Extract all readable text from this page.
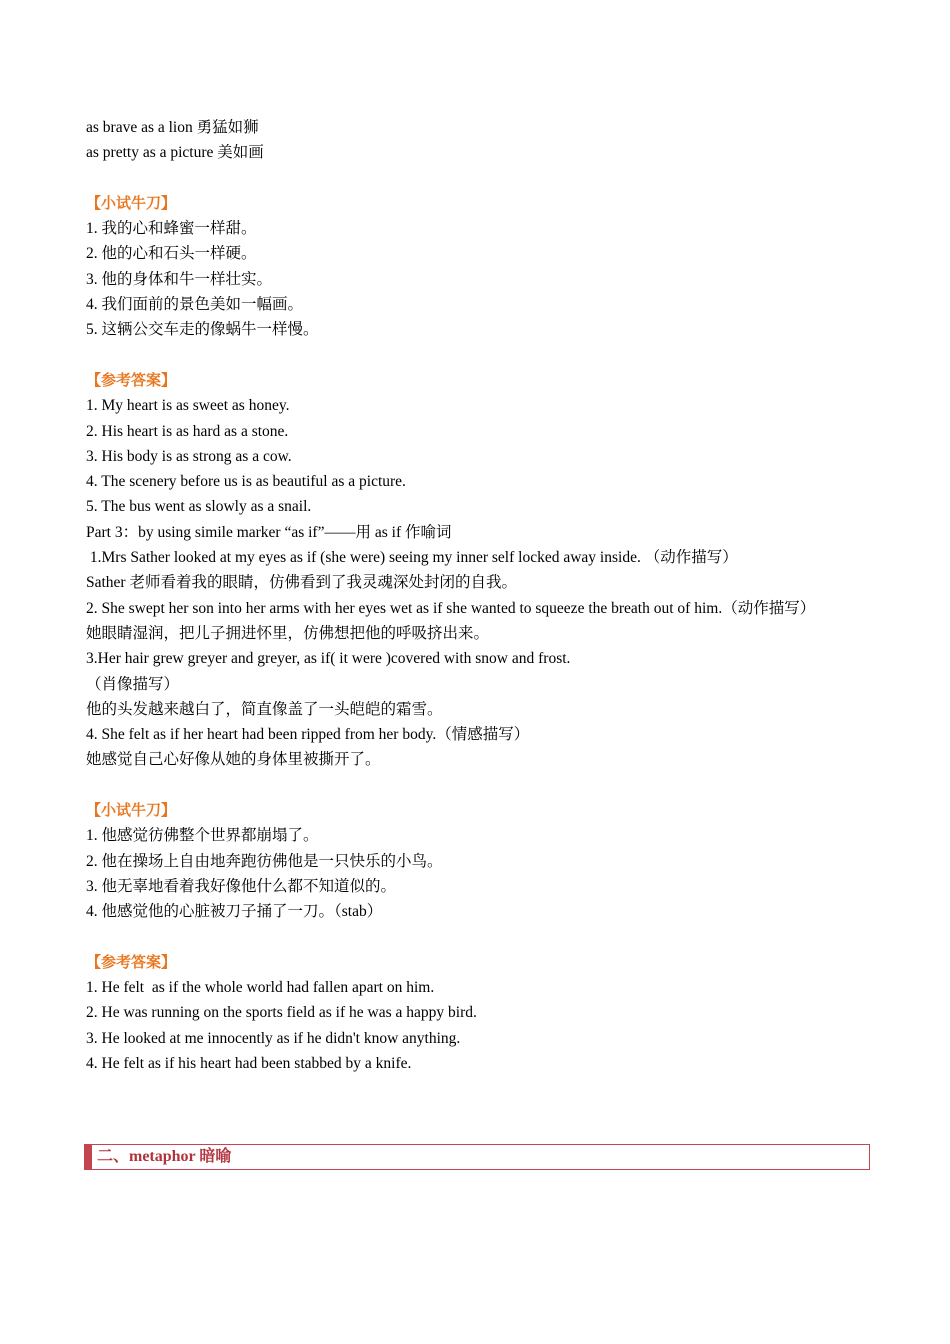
as brave as a lion 勇猛如狮

as pretty as a picture 美如画

【小试牛刀】

1. 我的心和蜂蜜一样甜。

2. 他的心和石头一样硬。

3. 他的身体和牛一样壮实。

4. 我们面前的景色美如一幅画。

5. 这辆公交车走的像蜗牛一样慢。

【参考答案】

1. My heart is as sweet as honey.

2. His heart is as hard as a stone.

3. His body is as strong as a cow.

4. The scenery before us is as beautiful as a picture.

5. The bus went as slowly as a snail.

Part 3：by using simile marker “as if”——用 as if 作喻词

1.Mrs Sather looked at my eyes as if (she were) seeing my inner self locked away inside. （动作描写）

Sather 老师看着我的眼睛，仿佛看到了我灵魂深处封闭的自我。

2. She swept her son into her arms with her eyes wet as if she wanted to squeeze the breath out of him.（动作描写）

她眼睛湿润，把儿子拥进怀里，仿佛想把他的呼吸挤出来。

3.Her hair grew greyer and greyer, as if( it were )covered with snow and frost.

（肖像描写）

他的头发越来越白了，简直像盖了一头皑皑的霜雪。

4. She felt as if her heart had been ripped from her body.（情感描写）

她感觉自己心好像从她的身体里被撕开了。

【小试牛刀】

1. 他感觉彷佛整个世界都崩塌了。

2. 他在操场上自由地奔跑彷佛他是一只快乐的小鸟。

3. 他无辜地看着我好像他什么都不知道似的。

4. 他感觉他的心脏被刀子捅了一刀。（stab）

【参考答案】

1. He felt  as if the whole world had fallen apart on him.

2. He was running on the sports field as if he was a happy bird.

3. He looked at me innocently as if he didn't know anything.

4. He felt as if his heart had been stabbed by a knife.

二、metaphor 暗喻
